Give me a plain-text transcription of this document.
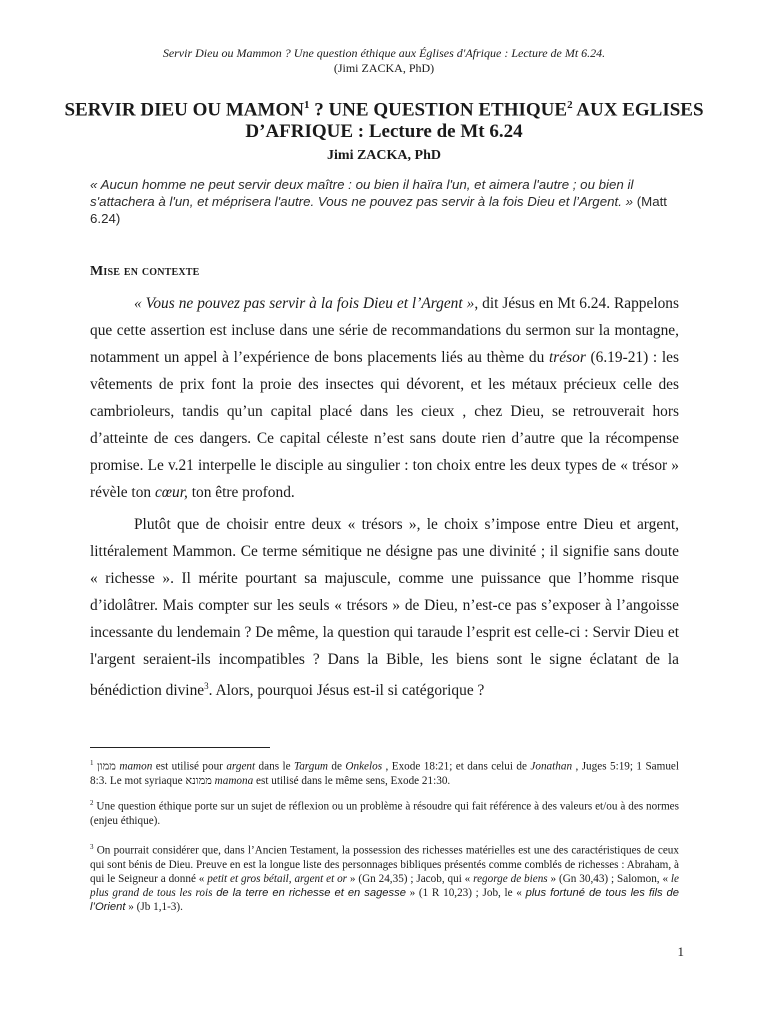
Servir Dieu ou Mammon ? Une question éthique aux Églises d'Afrique : Lecture de Mt 6.24.
(Jimi ZACKA, PhD)
SERVIR DIEU OU MAMON$^1$ ? UNE QUESTION ETHIQUE$^2$ AUX EGLISES D’AFRIQUE : Lecture de Mt 6.24
Jimi ZACKA, PhD
« Aucun homme ne peut servir deux maître : ou bien il haïra l'un, et aimera l'autre ; ou bien il s'attachera à l'un, et méprisera l'autre. Vous ne pouvez pas servir à la fois Dieu et l’Argent. » (Matt 6.24)
Mise en contexte

« Vous ne pouvez pas servir à la fois Dieu et l’Argent », dit Jésus en Mt 6.24. Rappelons que cette assertion est incluse dans une série de recommandations du sermon sur la montagne, notamment un appel à l’expérience de bons placements liés au thème du trésor (6.19-21) : les vêtements de prix font la proie des insectes qui dévorent, et les métaux précieux celle des cambrioleurs, tandis qu’un capital placé dans les cieux , chez Dieu, se retrouverait hors d’atteinte de ces dangers. Ce capital céleste n’est sans doute rien d’autre que la récompense promise. Le v.21 interpelle le disciple au singulier : ton choix entre les deux types de « trésor » révèle ton cœur, ton être profond.

Plutôt que de choisir entre deux « trésors », le choix s’impose entre Dieu et argent, littéralement Mammon. Ce terme sémitique ne désigne pas une divinité ; il signifie sans doute « richesse ». Il mérite pourtant sa majuscule, comme une puissance que l’homme risque d’idolâtrer. Mais compter sur les seuls « trésors » de Dieu, n’est-ce pas s’exposer à l’angoisse incessante du lendemain ? De même, la question qui taraude l’esprit est celle-ci : Servir Dieu et l'argent seraient-ils incompatibles ? Dans la Bible, les biens sont le signe éclatant de la bénédiction divine$^3$. Alors, pourquoi Jésus est-il si catégorique ?

$^1$ ממון mamon est utilisé pour argent dans le Targum de Onkelos , Exode 18:21; et dans celui de Jonathan , Juges 5:19; 1 Samuel 8:3. Le mot syriaque ממונא mamona est utilisé dans le même sens, Exode 21:30.

$^2$ Une question éthique porte sur un sujet de réflexion ou un problème à résoudre qui fait référence à des valeurs et/ou à des normes (enjeu éthique).

$^3$ On pourrait considérer que, dans l’Ancien Testament, la possession des richesses matérielles est une des caractéristiques de ceux qui sont bénis de Dieu. Preuve en est la longue liste des personnages bibliques présentés comme comblés de richesses : Abraham, à qui le Seigneur a donné « petit et gros bétail, argent et or » (Gn 24,35) ; Jacob, qui « regorge de biens » (Gn 30,43) ; Salomon, « le plus grand de tous les rois de la terre en richesse et en sagesse » (1 R 10,23) ; Job, le « plus fortuné de tous les fils de l’Orient » (Jb 1,1-3).

1
